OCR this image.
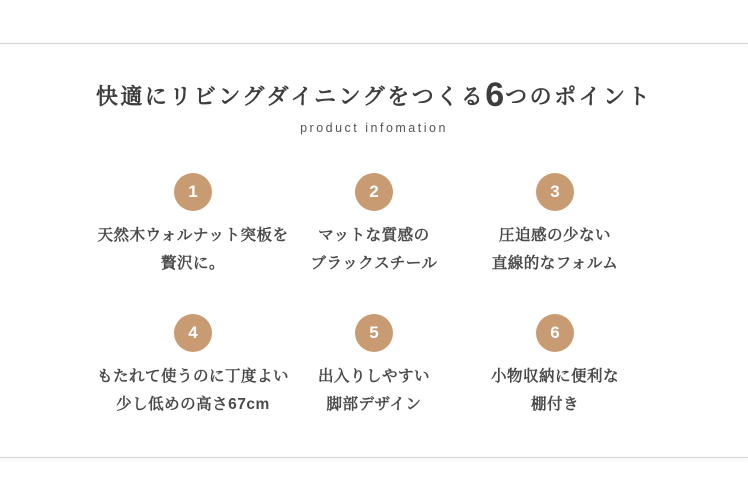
快適にリビングダイニングをつくる6つのポイント
product infomation
1
天然木ウォルナット突板を
贅沢に。
2
マットな質感の
ブラックスチール
3
圧迫感の少ない
直線的なフォルム
4
もたれて使うのに丁度よい
少し低めの高さ67cm
5
出入りしやすい
脚部デザイン
6
小物収納に便利な
棚付き
